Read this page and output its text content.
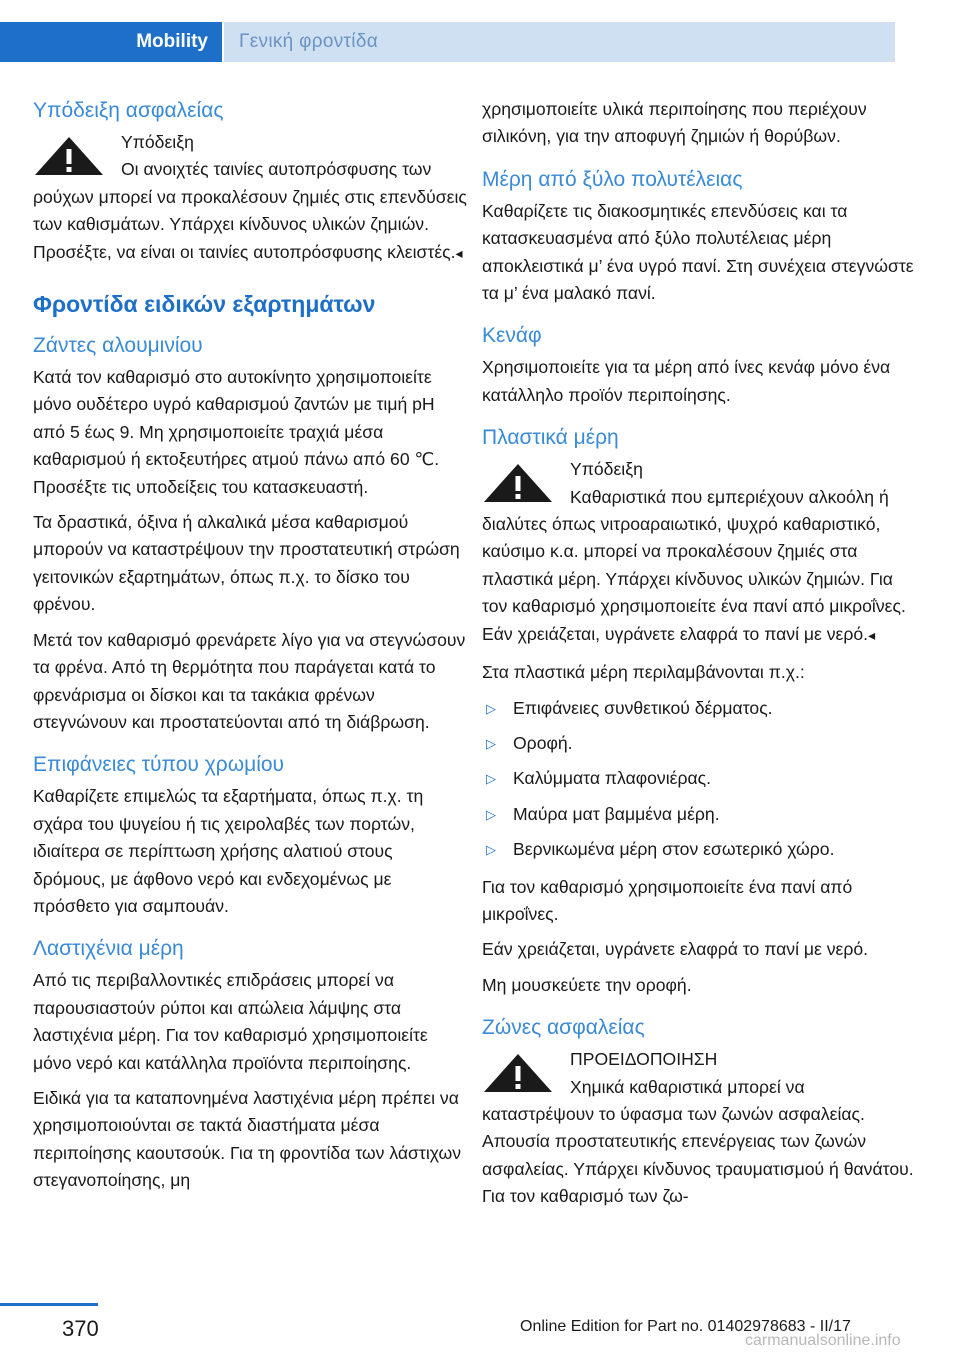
Mobility Γενική φροντίδα
Υπόδειξη ασφαλείας

Υπόδειξη

Οι ανοιχτές ταινίες αυτοπρόσφυσης των ρούχων μπορεί να προκαλέσουν ζημιές στις επενδύσεις των καθισμάτων. Υπάρχει κίνδυνος υλικών ζημιών. Προσέξτε, να είναι οι ταινίες αυτοπρόσφυσης κλειστές.◂

Φροντίδα ειδικών εξαρτημάτων
Ζάντες αλουμινίου

Κατά τον καθαρισμό στο αυτοκίνητο χρησιμοποιείτε μόνο ουδέτερο υγρό καθαρισμού ζαντών με τιμή pH από 5 έως 9. Μη χρησιμοποιείτε τραχιά μέσα καθαρισμού ή εκτοξευτήρες ατμού πάνω από 60 ℃. Προσέξτε τις υποδείξεις του κατασκευαστή.

Τα δραστικά, όξινα ή αλκαλικά μέσα καθαρισμού μπορούν να καταστρέψουν την προστατευτική στρώση γειτονικών εξαρτημάτων, όπως π.χ. το δίσκο του φρένου.

Μετά τον καθαρισμό φρενάρετε λίγο για να στεγνώσουν τα φρένα. Από τη θερμότητα που παράγεται κατά το φρενάρισμα οι δίσκοι και τα τακάκια φρένων στεγνώνουν και προστατεύονται από τη διάβρωση.

Επιφάνειες τύπου χρωμίου

Καθαρίζετε επιμελώς τα εξαρτήματα, όπως π.χ. τη σχάρα του ψυγείου ή τις χειρολαβές των πορτών, ιδιαίτερα σε περίπτωση χρήσης αλατιού στους δρόμους, με άφθονο νερό και ενδεχομένως με πρόσθετο για σαμπουάν.

Λαστιχένια μέρη

Από τις περιβαλλοντικές επιδράσεις μπορεί να παρουσιαστούν ρύποι και απώλεια λάμψης στα λαστιχένια μέρη. Για τον καθαρισμό χρησιμοποιείτε μόνο νερό και κατάλληλα προϊόντα περιποίησης.

Ειδικά για τα καταπονημένα λαστιχένια μέρη πρέπει να χρησιμοποιούνται σε τακτά διαστήματα μέσα περιποίησης καουτσούκ. Για τη φροντίδα των λάστιχων στεγανοποίησης, μη

χρησιμοποιείτε υλικά περιποίησης που περιέχουν σιλικόνη, για την αποφυγή ζημιών ή θορύβων.

Μέρη από ξύλο πολυτέλειας

Καθαρίζετε τις διακοσμητικές επενδύσεις και τα κατασκευασμένα από ξύλο πολυτέλειας μέρη αποκλειστικά μ’ ένα υγρό πανί. Στη συνέχεια στεγνώστε τα μ’ ένα μαλακό πανί.

Κενάφ

Χρησιμοποιείτε για τα μέρη από ίνες κενάφ μόνο ένα κατάλληλο προϊόν περιποίησης.

Πλαστικά μέρη

Υπόδειξη

Καθαριστικά που εμπεριέχουν αλκοόλη ή διαλύτες όπως νιτροαραιωτικό, ψυχρό καθαριστικό, καύσιμο κ.α. μπορεί να προκαλέσουν ζημιές στα πλαστικά μέρη. Υπάρχει κίνδυνος υλικών ζημιών. Για τον καθαρισμό χρησιμοποιείτε ένα πανί από μικροΐνες. Εάν χρειάζεται, υγράνετε ελαφρά το πανί με νερό.◂

Στα πλαστικά μέρη περιλαμβάνονται π.χ.:

▷ Επιφάνειες συνθετικού δέρματος.
▷ Οροφή.
▷ Καλύμματα πλαφονιέρας.
▷ Μαύρα ματ βαμμένα μέρη.
▷ Βερνικωμένα μέρη στον εσωτερικό χώρο.

Για τον καθαρισμό χρησιμοποιείτε ένα πανί από μικροΐνες.

Εάν χρειάζεται, υγράνετε ελαφρά το πανί με νερό.

Μη μουσκεύετε την οροφή.

Ζώνες ασφαλείας

ΠΡΟΕΙΔΟΠΟΙΗΣΗ

Χημικά καθαριστικά μπορεί να καταστρέψουν το ύφασμα των ζωνών ασφαλείας. Απουσία προστατευτικής επενέργειας των ζωνών ασφαλείας. Υπάρχει κίνδυνος τραυματισμού ή θανάτου. Για τον καθαρισμό των ζω-

370	Online Edition for Part no. 01402978683 - II/17
carmanualsonline.info
